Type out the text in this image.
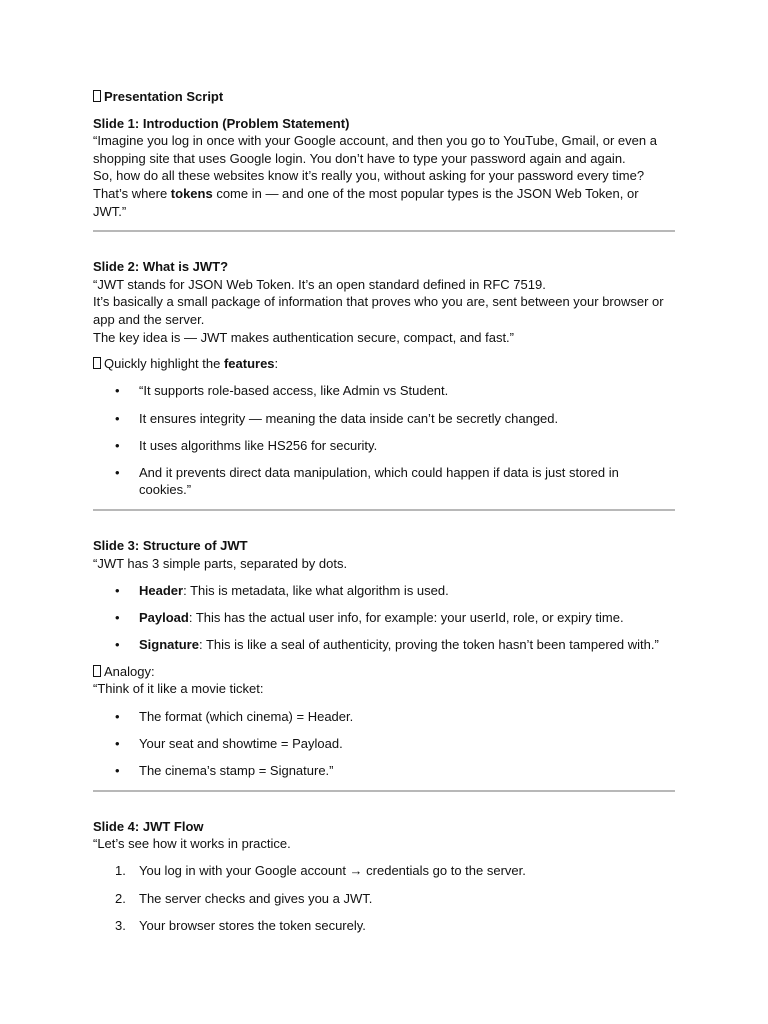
Presentation Script

Slide 1: Introduction (Problem Statement)

“Imagine you log in once with your Google account, and then you go to YouTube, Gmail, or even a

shopping site that uses Google login. You don’t have to type your password again and again.

So, how do all these websites know it’s really you, without asking for your password every time?

That’s where tokens come in — and one of the most popular types is the JSON Web Token, or JWT.”

Slide 2: What is JWT?

“JWT stands for JSON Web Token. It’s an open standard defined in RFC 7519.

It’s basically a small package of information that proves who you are, sent between your browser or

app and the server.

The key idea is — JWT makes authentication secure, compact, and fast.”

Quickly highlight the features:

• “It supports role-based access, like Admin vs Student.
• It ensures integrity — meaning the data inside can’t be secretly changed.
• It uses algorithms like HS256 for security.
• And it prevents direct data manipulation, which could happen if data is just stored in
cookies.”

Slide 3: Structure of JWT

“JWT has 3 simple parts, separated by dots.

• Header: This is metadata, like what algorithm is used.
• Payload: This has the actual user info, for example: your userId, role, or expiry time.
• Signature: This is like a seal of authenticity, proving the token hasn’t been tampered with.”

Analogy:

“Think of it like a movie ticket:

• The format (which cinema) = Header.
• Your seat and showtime = Payload.
• The cinema’s stamp = Signature.”

Slide 4: JWT Flow

“Let’s see how it works in practice.

1. You log in with your Google account → credentials go to the server.
2. The server checks and gives you a JWT.
3. Your browser stores the token securely.
